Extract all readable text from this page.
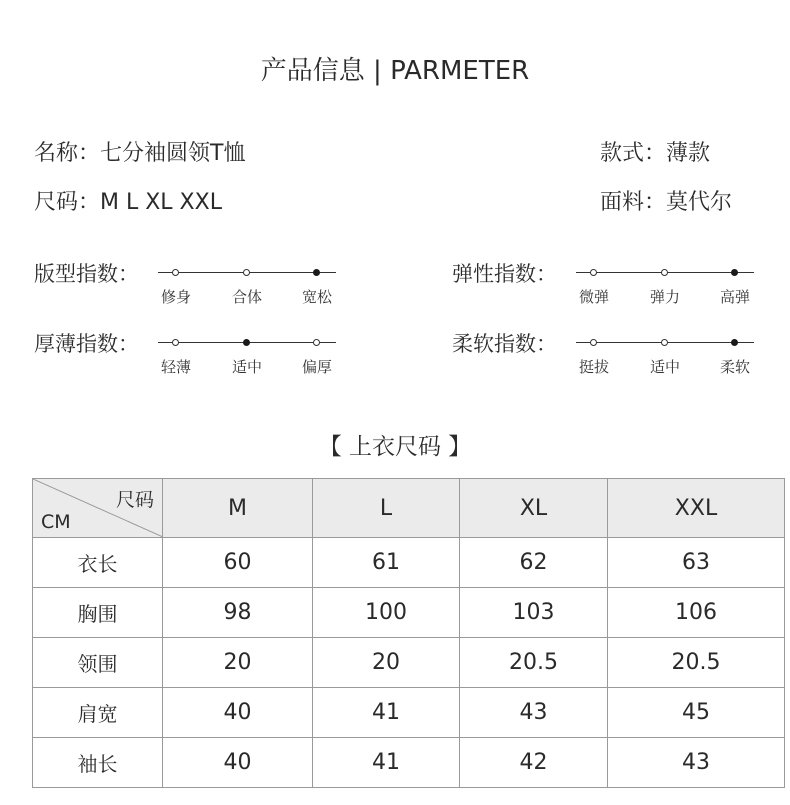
产品信息 | PARMETER
名称：七分袖圆领T恤
尺码：M L XL XXL
款式：薄款
面料：莫代尔
版型指数：
修身	合体	宽松
弹性指数：
微弹	弹力	高弹
厚薄指数：
轻薄	适中	偏厚
柔软指数：
挺拔	适中	柔软
【 上衣尺码 】
尺码
CM	M	L	XL	XXL
衣长	60	61	62	63
胸围	98	100	103	106
领围	20	20	20.5	20.5
肩宽	40	41	43	45
袖长	40	41	42	43
